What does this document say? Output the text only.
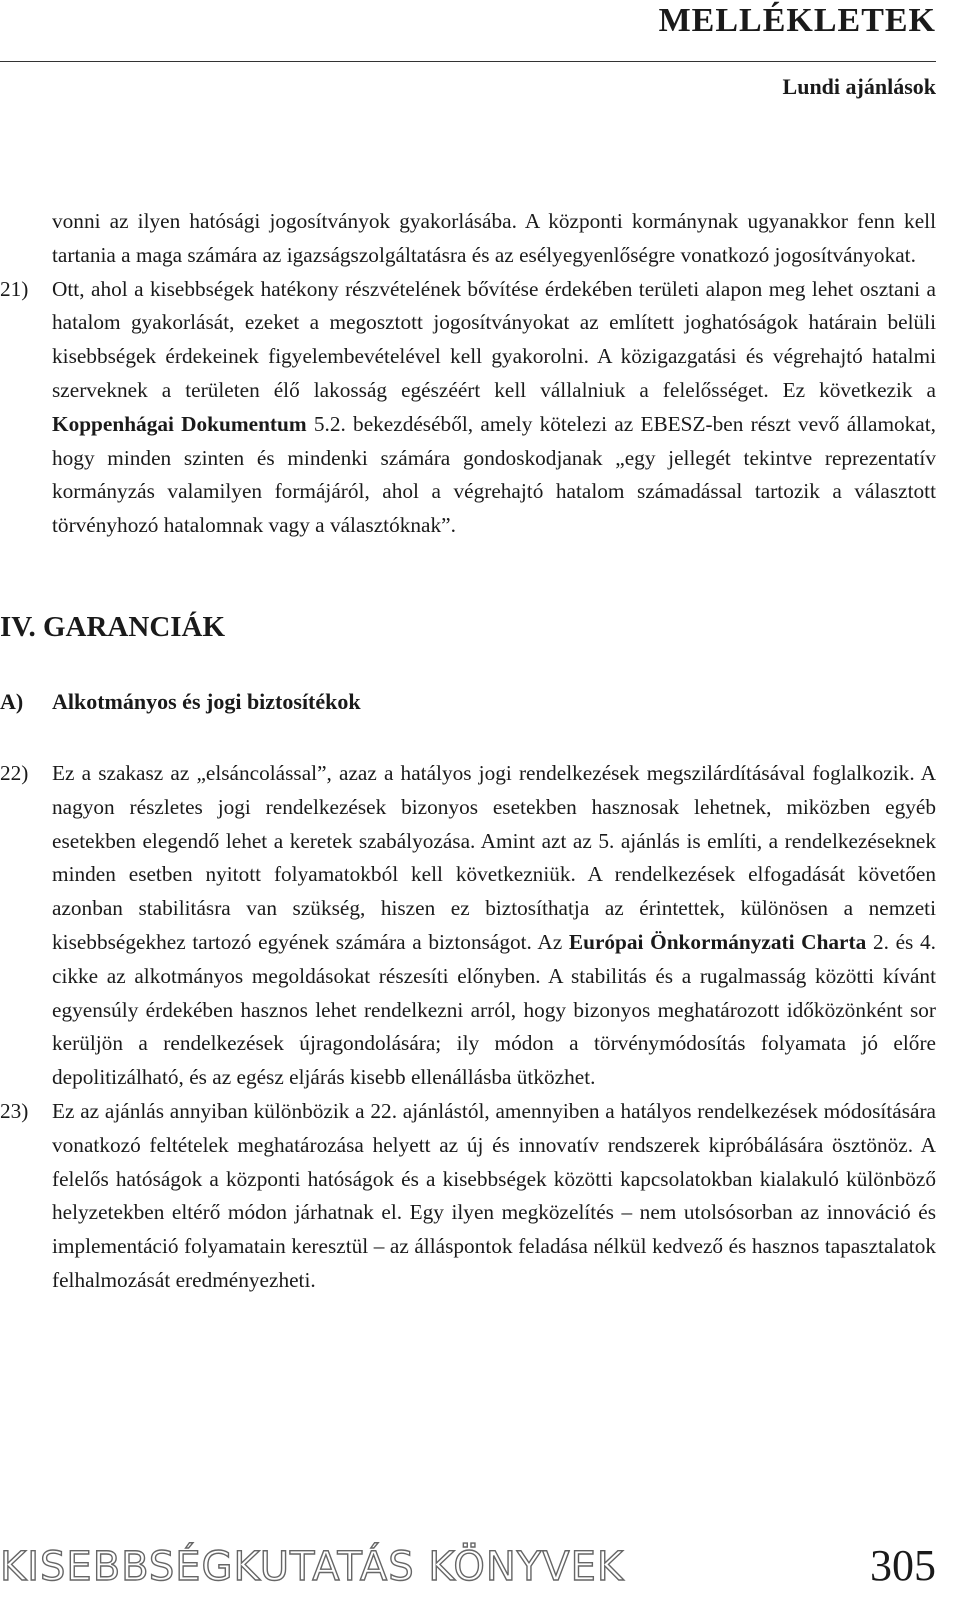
MELLÉKLETEK
Lundi ajánlások

vonni az ilyen hatósági jogosítványok gyakorlásába. A központi kormánynak ugyanakkor fenn kell tartania a maga számára az igazságszolgáltatásra és az esélyegyenlőségre vonatkozó jogosítványokat.

21) Ott, ahol a kisebbségek hatékony részvételének bővítése érdekében területi alapon meg lehet osztani a hatalom gyakorlását, ezeket a megosztott jogosítványokat az említett joghatóságok határain belüli kisebbségek érdekeinek figyelembevételével kell gyakorolni. A közigazgatási és végrehajtó hatalmi szerveknek a területen élő lakosság egészéért kell vállalniuk a felelősséget. Ez következik a Koppenhágai Dokumentum 5.2. bekezdéséből, amely kötelezi az EBESZ-ben részt vevő államokat, hogy minden szinten és mindenki számára gondoskodjanak „egy jellegét tekintve reprezentatív kormányzás valamilyen formájáról, ahol a végrehajtó hatalom számadással tartozik a választott törvényhozó hatalomnak vagy a választóknak”.

IV. GARANCIÁK
A) Alkotmányos és jogi biztosítékok
22) Ez a szakasz az „elsáncolással”, azaz a hatályos jogi rendelkezések megszilárdításával foglalkozik. A nagyon részletes jogi rendelkezések bizonyos esetekben hasznosak lehetnek, miközben egyéb esetekben elegendő lehet a keretek szabályozása. Amint azt az 5. ajánlás is említi, a rendelkezéseknek minden esetben nyitott folyamatokból kell következniük. A rendelkezések elfogadását követően azonban stabilitásra van szükség, hiszen ez biztosíthatja az érintettek, különösen a nemzeti kisebbségekhez tartozó egyének számára a biztonságot. Az Európai Önkormányzati Charta 2. és 4. cikke az alkotmányos megoldásokat részesíti előnyben. A stabilitás és a rugalmasság közötti kívánt egyensúly érdekében hasznos lehet rendelkezni arról, hogy bizonyos meghatározott időközönként sor kerüljön a rendelkezések újragondolására; ily módon a törvénymódosítás folyamata jó előre depolitizálható, és az egész eljárás kisebb ellenállásba ütközhet.

23) Ez az ajánlás annyiban különbözik a 22. ajánlástól, amennyiben a hatályos rendelkezések módosítására vonatkozó feltételek meghatározása helyett az új és innovatív rendszerek kipróbálására ösztönöz. A felelős hatóságok a központi hatóságok és a kisebbségek közötti kapcsolatokban kialakuló különböző helyzetekben eltérő módon járhatnak el. Egy ilyen megközelítés – nem utolsósorban az innováció és implementáció folyamatain keresztül – az álláspontok feladása nélkül kedvező és hasznos tapasztalatok felhalmozását eredményezheti.

KISEBBSÉGKUTATÁS KÖNYVEK	305
